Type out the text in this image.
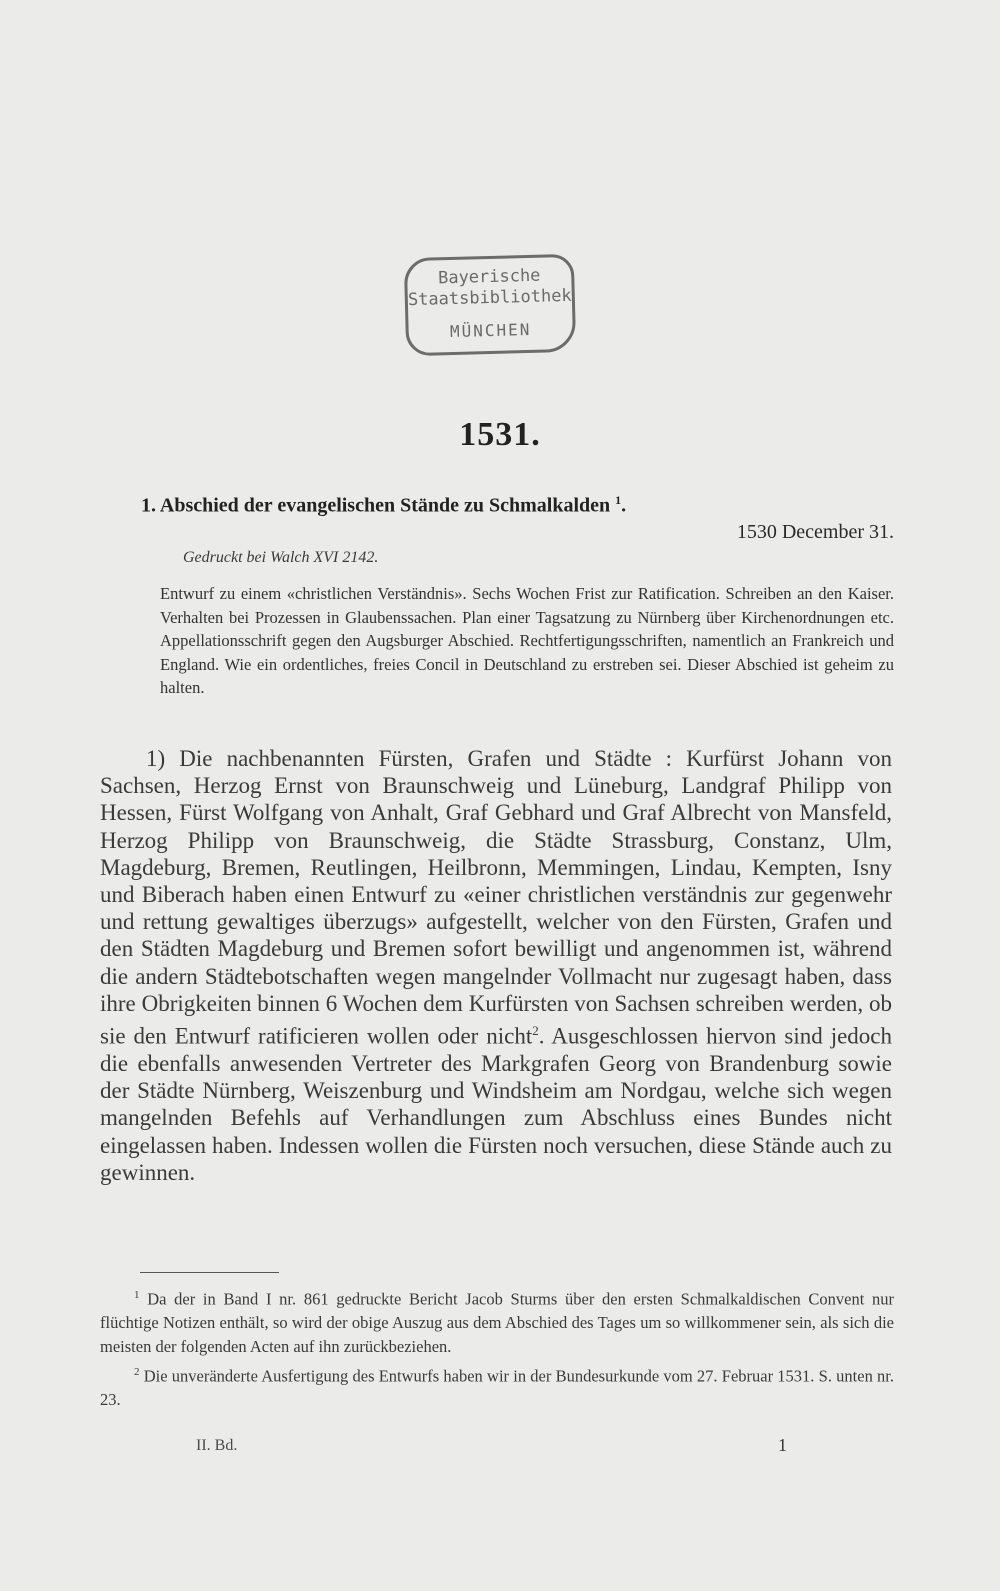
Bayerische
Staatsbibliothek
MÜNCHEN
1531.
1. Abschied der evangelischen Stände zu Schmalkalden $^1$.
1530 December 31.
Gedruckt bei Walch XVI 2142.
Entwurf zu einem «christlichen Verständnis». Sechs Wochen Frist zur Ratification. Schreiben an den Kaiser. Verhalten bei Prozessen in Glaubenssachen. Plan einer Tagsatzung zu Nürnberg über Kirchenordnungen etc. Appellationsschrift gegen den Augsburger Abschied. Rechtfertigungsschriften, namentlich an Frankreich und England. Wie ein ordentliches, freies Concil in Deutschland zu erstreben sei. Dieser Abschied ist geheim zu halten.
1) Die nachbenannten Fürsten, Grafen und Städte : Kurfürst Johann von Sachsen, Herzog Ernst von Braunschweig und Lüneburg, Landgraf Philipp von Hessen, Fürst Wolfgang von Anhalt, Graf Gebhard und Graf Albrecht von Mansfeld, Herzog Philipp von Braunschweig, die Städte Strassburg, Constanz, Ulm, Magdeburg, Bremen, Reutlingen, Heilbronn, Memmingen, Lindau, Kempten, Isny und Biberach haben einen Entwurf zu «einer christlichen verständnis zur gegenwehr und rettung gewaltiges überzugs» aufgestellt, welcher von den Fürsten, Grafen und den Städten Magdeburg und Bremen sofort bewilligt und angenommen ist, während die andern Städtebotschaften wegen mangelnder Vollmacht nur zugesagt haben, dass ihre Obrigkeiten binnen 6 Wochen dem Kurfürsten von Sachsen schreiben werden, ob sie den Entwurf ratificieren wollen oder nicht$^2$. Ausgeschlossen hiervon sind jedoch die ebenfalls anwesenden Vertreter des Markgrafen Georg von Brandenburg sowie der Städte Nürnberg, Weiszenburg und Windsheim am Nordgau, welche sich wegen mangelnden Befehls auf Verhandlungen zum Abschluss eines Bundes nicht eingelassen haben. Indessen wollen die Fürsten noch versuchen, diese Stände auch zu gewinnen.

$^1$ Da der in Band I nr. 861 gedruckte Bericht Jacob Sturms über den ersten Schmalkaldischen Convent nur flüchtige Notizen enthält, so wird der obige Auszug aus dem Abschied des Tages um so willkommener sein, als sich die meisten der folgenden Acten auf ihn zurückbeziehen.

$^2$ Die unveränderte Ausfertigung des Entwurfs haben wir in der Bundesurkunde vom 27. Februar 1531. S. unten nr. 23.

II. Bd.	1
